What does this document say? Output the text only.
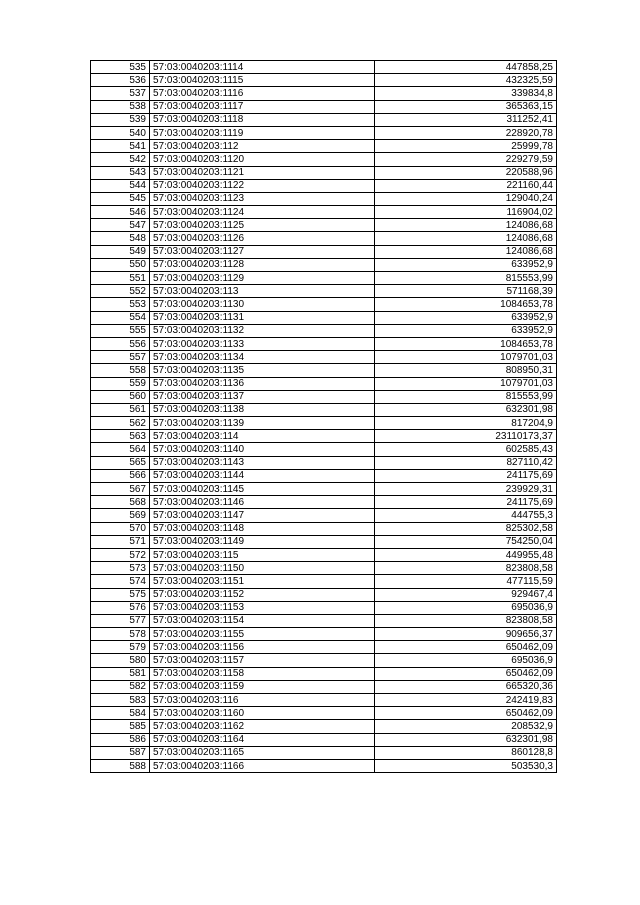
535	57:03:0040203:1114	447858,25
536	57:03:0040203:1115	432325,59
537	57:03:0040203:1116	339834,8
538	57:03:0040203:1117	365363,15
539	57:03:0040203:1118	311252,41
540	57:03:0040203:1119	228920,78
541	57:03:0040203:112	25999,78
542	57:03:0040203:1120	229279,59
543	57:03:0040203:1121	220588,96
544	57:03:0040203:1122	221160,44
545	57:03:0040203:1123	129040,24
546	57:03:0040203:1124	116904,02
547	57:03:0040203:1125	124086,68
548	57:03:0040203:1126	124086,68
549	57:03:0040203:1127	124086,68
550	57:03:0040203:1128	633952,9
551	57:03:0040203:1129	815553,99
552	57:03:0040203:113	571168,39
553	57:03:0040203:1130	1084653,78
554	57:03:0040203:1131	633952,9
555	57:03:0040203:1132	633952,9
556	57:03:0040203:1133	1084653,78
557	57:03:0040203:1134	1079701,03
558	57:03:0040203:1135	808950,31
559	57:03:0040203:1136	1079701,03
560	57:03:0040203:1137	815553,99
561	57:03:0040203:1138	632301,98
562	57:03:0040203:1139	817204,9
563	57:03:0040203:114	23110173,37
564	57:03:0040203:1140	602585,43
565	57:03:0040203:1143	827110,42
566	57:03:0040203:1144	241175,69
567	57:03:0040203:1145	239929,31
568	57:03:0040203:1146	241175,69
569	57:03:0040203:1147	444755,3
570	57:03:0040203:1148	825302,58
571	57:03:0040203:1149	754250,04
572	57:03:0040203:115	449955,48
573	57:03:0040203:1150	823808,58
574	57:03:0040203:1151	477115,59
575	57:03:0040203:1152	929467,4
576	57:03:0040203:1153	695036,9
577	57:03:0040203:1154	823808,58
578	57:03:0040203:1155	909656,37
579	57:03:0040203:1156	650462,09
580	57:03:0040203:1157	695036,9
581	57:03:0040203:1158	650462,09
582	57:03:0040203:1159	665320,36
583	57:03:0040203:116	242419,83
584	57:03:0040203:1160	650462,09
585	57:03:0040203:1162	208532,9
586	57:03:0040203:1164	632301,98
587	57:03:0040203:1165	860128,8
588	57:03:0040203:1166	503530,3
